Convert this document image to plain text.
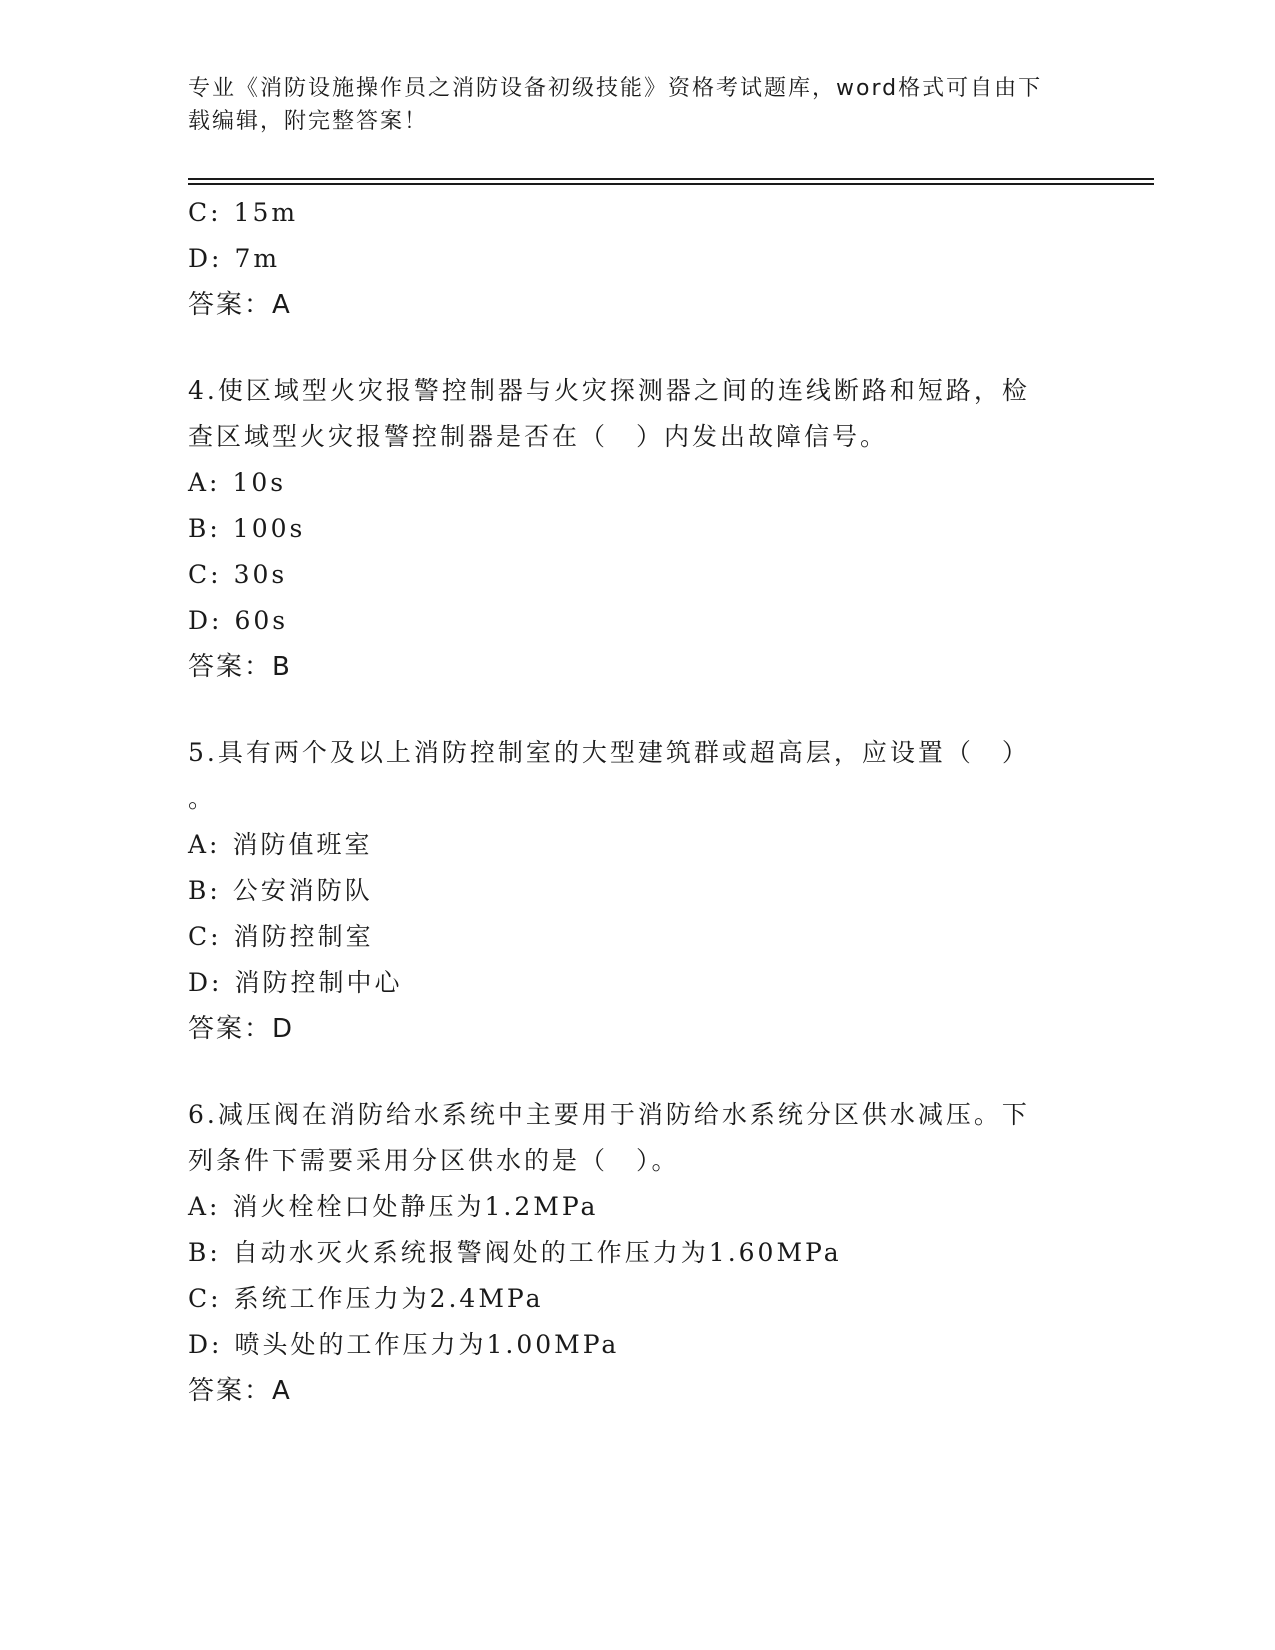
专业《消防设施操作员之消防设备初级技能》资格考试题库，word格式可自由下
载编辑，附完整答案！
C: 15m
D: 7m
答案：A
4.使区域型火灾报警控制器与火灾探测器之间的连线断路和短路，检
查区域型火灾报警控制器是否在（　）内发出故障信号。
A: 10s
B: 100s
C: 30s
D: 60s
答案：B
5.具有两个及以上消防控制室的大型建筑群或超高层，应设置（　）
。
A: 消防值班室
B: 公安消防队
C: 消防控制室
D: 消防控制中心
答案：D
6.减压阀在消防给水系统中主要用于消防给水系统分区供水减压。下
列条件下需要采用分区供水的是（　）。
A: 消火栓栓口处静压为1.2MPa
B: 自动水灭火系统报警阀处的工作压力为1.60MPa
C: 系统工作压力为2.4MPa
D: 喷头处的工作压力为1.00MPa
答案：A
